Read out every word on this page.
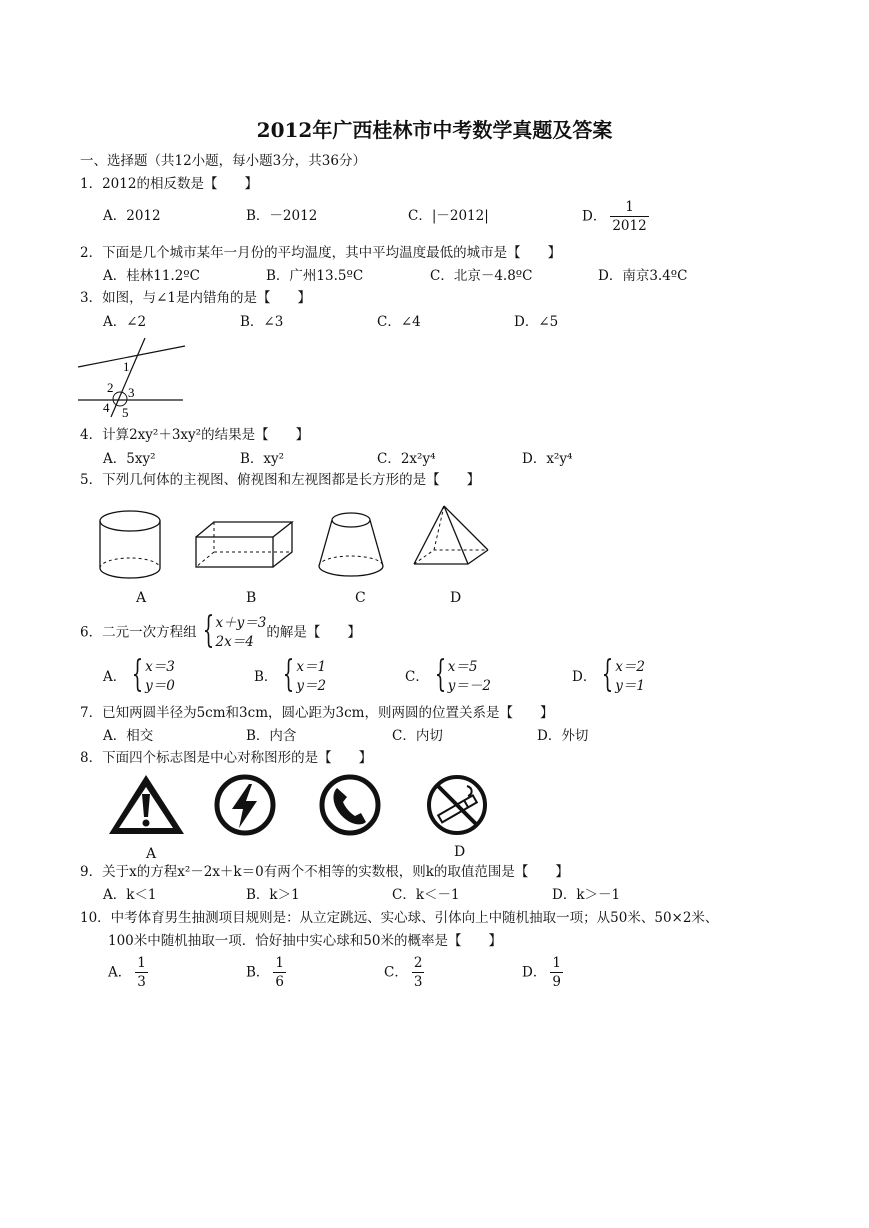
2012年广西桂林市中考数学真题及答案
一、选择题（共12小题，每小题3分，共36分）
1．2012的相反数是【　　】
A．2012	B．－2012	C．|－2012|	D． $\frac{1}{2012}$
2．下面是几个城市某年一月份的平均温度，其中平均温度最低的城市是【　　】
A．桂林11.2ºC	B．广州13.5ºC	C．北京－4.8ºC	D．南京3.4ºC
3．如图，与∠1是内错角的是【　　】
A．∠2	B．∠3	C．∠4	D．∠5
1
2 3
4 5
4．计算2xy²＋3xy²的结果是【　　】
A．5xy²	B．xy²	C．2x²y⁴	D．x²y⁴
5．下列几何体的主视图、俯视图和左视图都是长方形的是【　　】
A	B	C	D
6．二元一次方程组 { x＋y＝3
2x＝4
的解是【　　】
A． { x＝3
y＝0
B． { x＝1
y＝2
C． { x＝5
y＝－2
D． { x＝2
y＝1
7．已知两圆半径为5cm和3cm，圆心距为3cm，则两圆的位置关系是【　　】
A．相交	B．内含	C．内切	D．外切
8．下面四个标志图是中心对称图形的是【　　】
A	D
9．关于x的方程x²－2x＋k＝0有两个不相等的实数根，则k的取值范围是【　　】
A．k＜1	B．k＞1	C．k＜－1	D．k＞－1
10．中考体育男生抽测项目规则是：从立定跳远、实心球、引体向上中随机抽取一项；从50米、50×2米、
100米中随机抽取一项．恰好抽中实心球和50米的概率是【　　】
A． $\frac{1}{3}$	B． $\frac{1}{6}$	C． $\frac{2}{3}$	D． $\frac{1}{9}$
